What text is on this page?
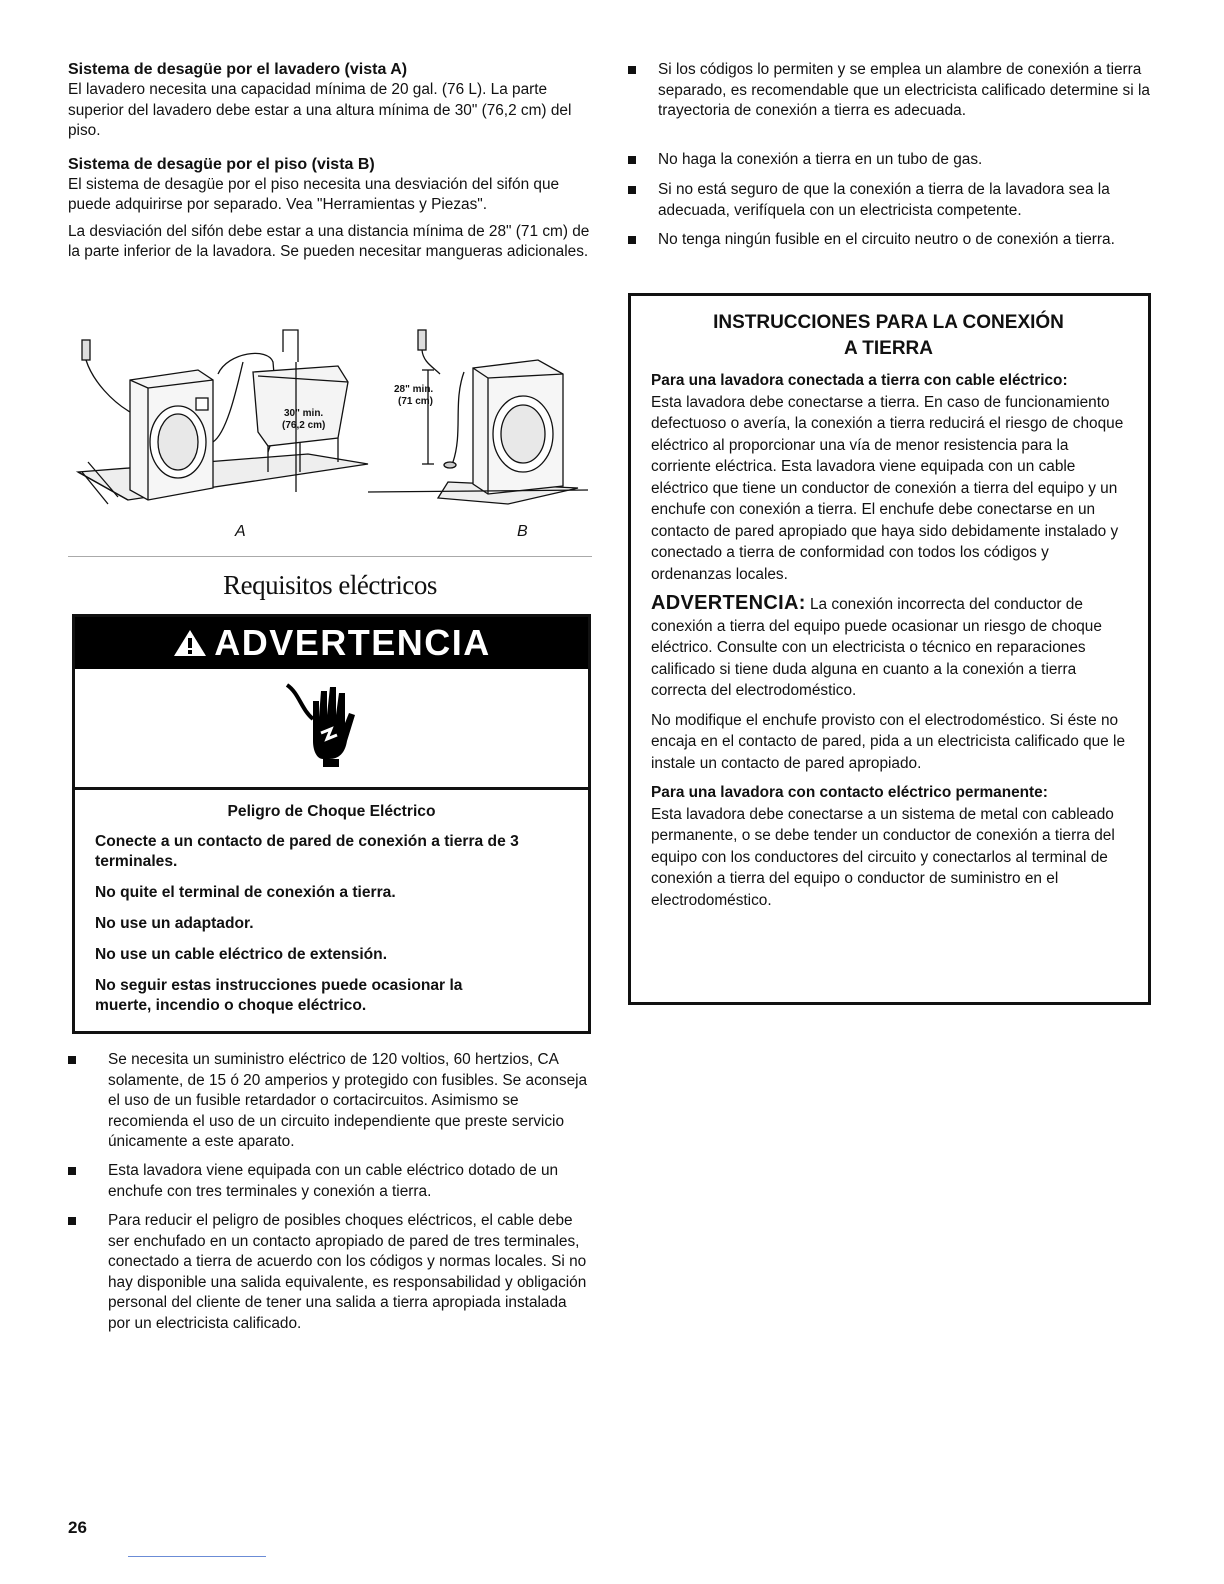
Sistema de desagüe por el lavadero (vista A)

El lavadero necesita una capacidad mínima de 20 gal. (76 L). La parte superior del lavadero debe estar a una altura mínima de 30" (76,2 cm) del piso.

Sistema de desagüe por el piso (vista B)

El sistema de desagüe por el piso necesita una desviación del sifón que puede adquirirse por separado. Vea "Herramientas y Piezas".

La desviación del sifón debe estar a una distancia mínima de 28" (71 cm) de la parte inferior de la lavadora. Se pueden necesitar mangueras adicionales.

30" min.
(76,2 cm)
28" min.
(71 cm)
A	B
Requisitos eléctricos
ADVERTENCIA

Peligro de Choque Eléctrico

Conecte a un contacto de pared de conexión a tierra de 3 terminales.

No quite el terminal de conexión a tierra.

No use un adaptador.

No use un cable eléctrico de extensión.

No seguir estas instrucciones puede ocasionar la muerte, incendio o choque eléctrico.

Se necesita un suministro eléctrico de 120 voltios, 60 hertzios, CA solamente, de 15 ó 20 amperios y protegido con fusibles. Se aconseja el uso de un fusible retardador o cortacircuitos. Asimismo se recomienda el uso de un circuito independiente que preste servicio únicamente a este aparato.

Esta lavadora viene equipada con un cable eléctrico dotado de un enchufe con tres terminales y conexión a tierra.

Para reducir el peligro de posibles choques eléctricos, el cable debe ser enchufado en un contacto apropiado de pared de tres terminales, conectado a tierra de acuerdo con los códigos y normas locales. Si no hay disponible una salida equivalente, es responsabilidad y obligación personal del cliente de tener una salida a tierra apropiada instalada por un electricista calificado.

Si los códigos lo permiten y se emplea un alambre de conexión a tierra separado, es recomendable que un electricista calificado determine si la trayectoria de conexión a tierra es adecuada.

No haga la conexión a tierra en un tubo de gas.

Si no está seguro de que la conexión a tierra de la lavadora sea la adecuada, verifíquela con un electricista competente.

No tenga ningún fusible en el circuito neutro o de conexión a tierra.

INSTRUCCIONES PARA LA CONEXIÓN
A TIERRA

Para una lavadora conectada a tierra con cable eléctrico:

Esta lavadora debe conectarse a tierra. En caso de funcionamiento defectuoso o avería, la conexión a tierra reducirá el riesgo de choque eléctrico al proporcionar una vía de menor resistencia para la corriente eléctrica. Esta lavadora viene equipada con un cable eléctrico que tiene un conductor de conexión a tierra del equipo y un enchufe con conexión a tierra. El enchufe debe conectarse en un contacto de pared apropiado que haya sido debidamente instalado y conectado a tierra de conformidad con todos los códigos y ordenanzas locales.

ADVERTENCIA: La conexión incorrecta del conductor de conexión a tierra del equipo puede ocasionar un riesgo de choque eléctrico. Consulte con un electricista o técnico en reparaciones calificado si tiene duda alguna en cuanto a la conexión a tierra correcta del electrodoméstico.

No modifique el enchufe provisto con el electrodoméstico. Si éste no encaja en el contacto de pared, pida a un electricista calificado que le instale un contacto de pared apropiado.

Para una lavadora con contacto eléctrico permanente:

Esta lavadora debe conectarse a un sistema de metal con cableado permanente, o se debe tender un conductor de conexión a tierra del equipo con los conductores del circuito y conectarlos al terminal de conexión a tierra del equipo o conductor de suministro en el electrodoméstico.

26
